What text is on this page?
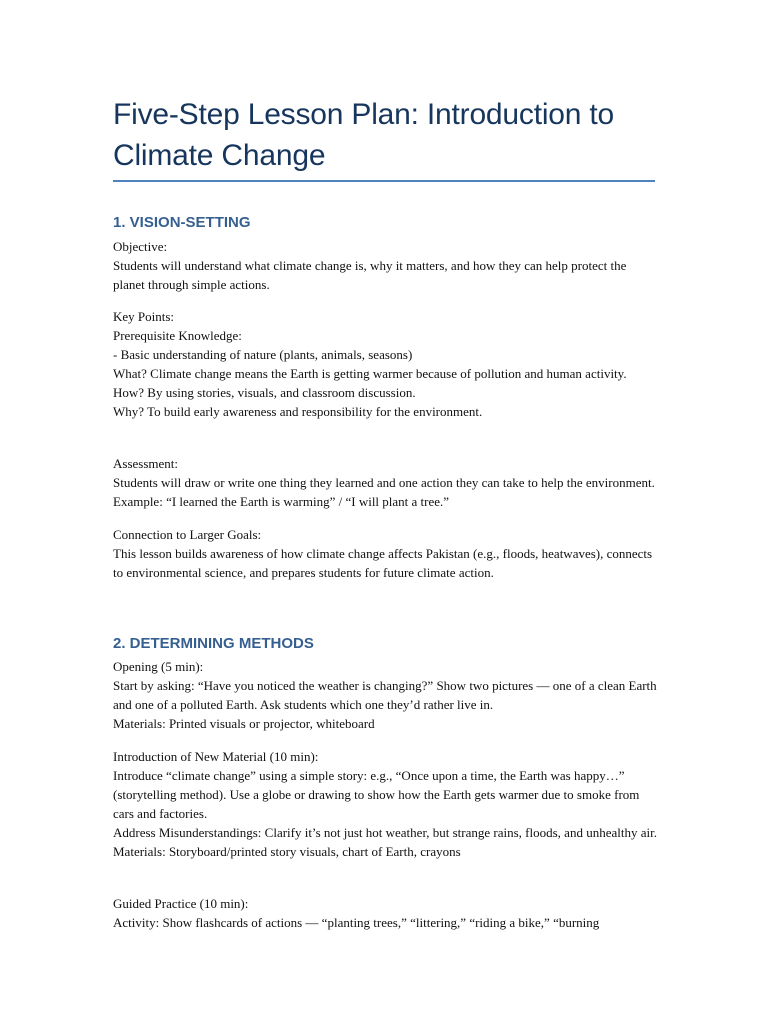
Five-Step Lesson Plan: Introduction to Climate Change
1. VISION-SETTING

Objective:

Students will understand what climate change is, why it matters, and how they can help protect the planet through simple actions.

Key Points:

Prerequisite Knowledge:

- Basic understanding of nature (plants, animals, seasons)

What? Climate change means the Earth is getting warmer because of pollution and human activity.

How? By using stories, visuals, and classroom discussion.

Why? To build early awareness and responsibility for the environment.

Assessment:

Students will draw or write one thing they learned and one action they can take to help the environment. Example: “I learned the Earth is warming” / “I will plant a tree.”

Connection to Larger Goals:

This lesson builds awareness of how climate change affects Pakistan (e.g., floods, heatwaves), connects to environmental science, and prepares students for future climate action.

2. DETERMINING METHODS

Opening (5 min):

Start by asking: “Have you noticed the weather is changing?” Show two pictures — one of a clean Earth and one of a polluted Earth. Ask students which one they’d rather live in.

Materials: Printed visuals or projector, whiteboard

Introduction of New Material (10 min):

Introduce “climate change” using a simple story: e.g., “Once upon a time, the Earth was happy…” (storytelling method). Use a globe or drawing to show how the Earth gets warmer due to smoke from cars and factories.

Address Misunderstandings: Clarify it’s not just hot weather, but strange rains, floods, and unhealthy air.

Materials: Storyboard/printed story visuals, chart of Earth, crayons

Guided Practice (10 min):

Activity: Show flashcards of actions — “planting trees,” “littering,” “riding a bike,” “burning
